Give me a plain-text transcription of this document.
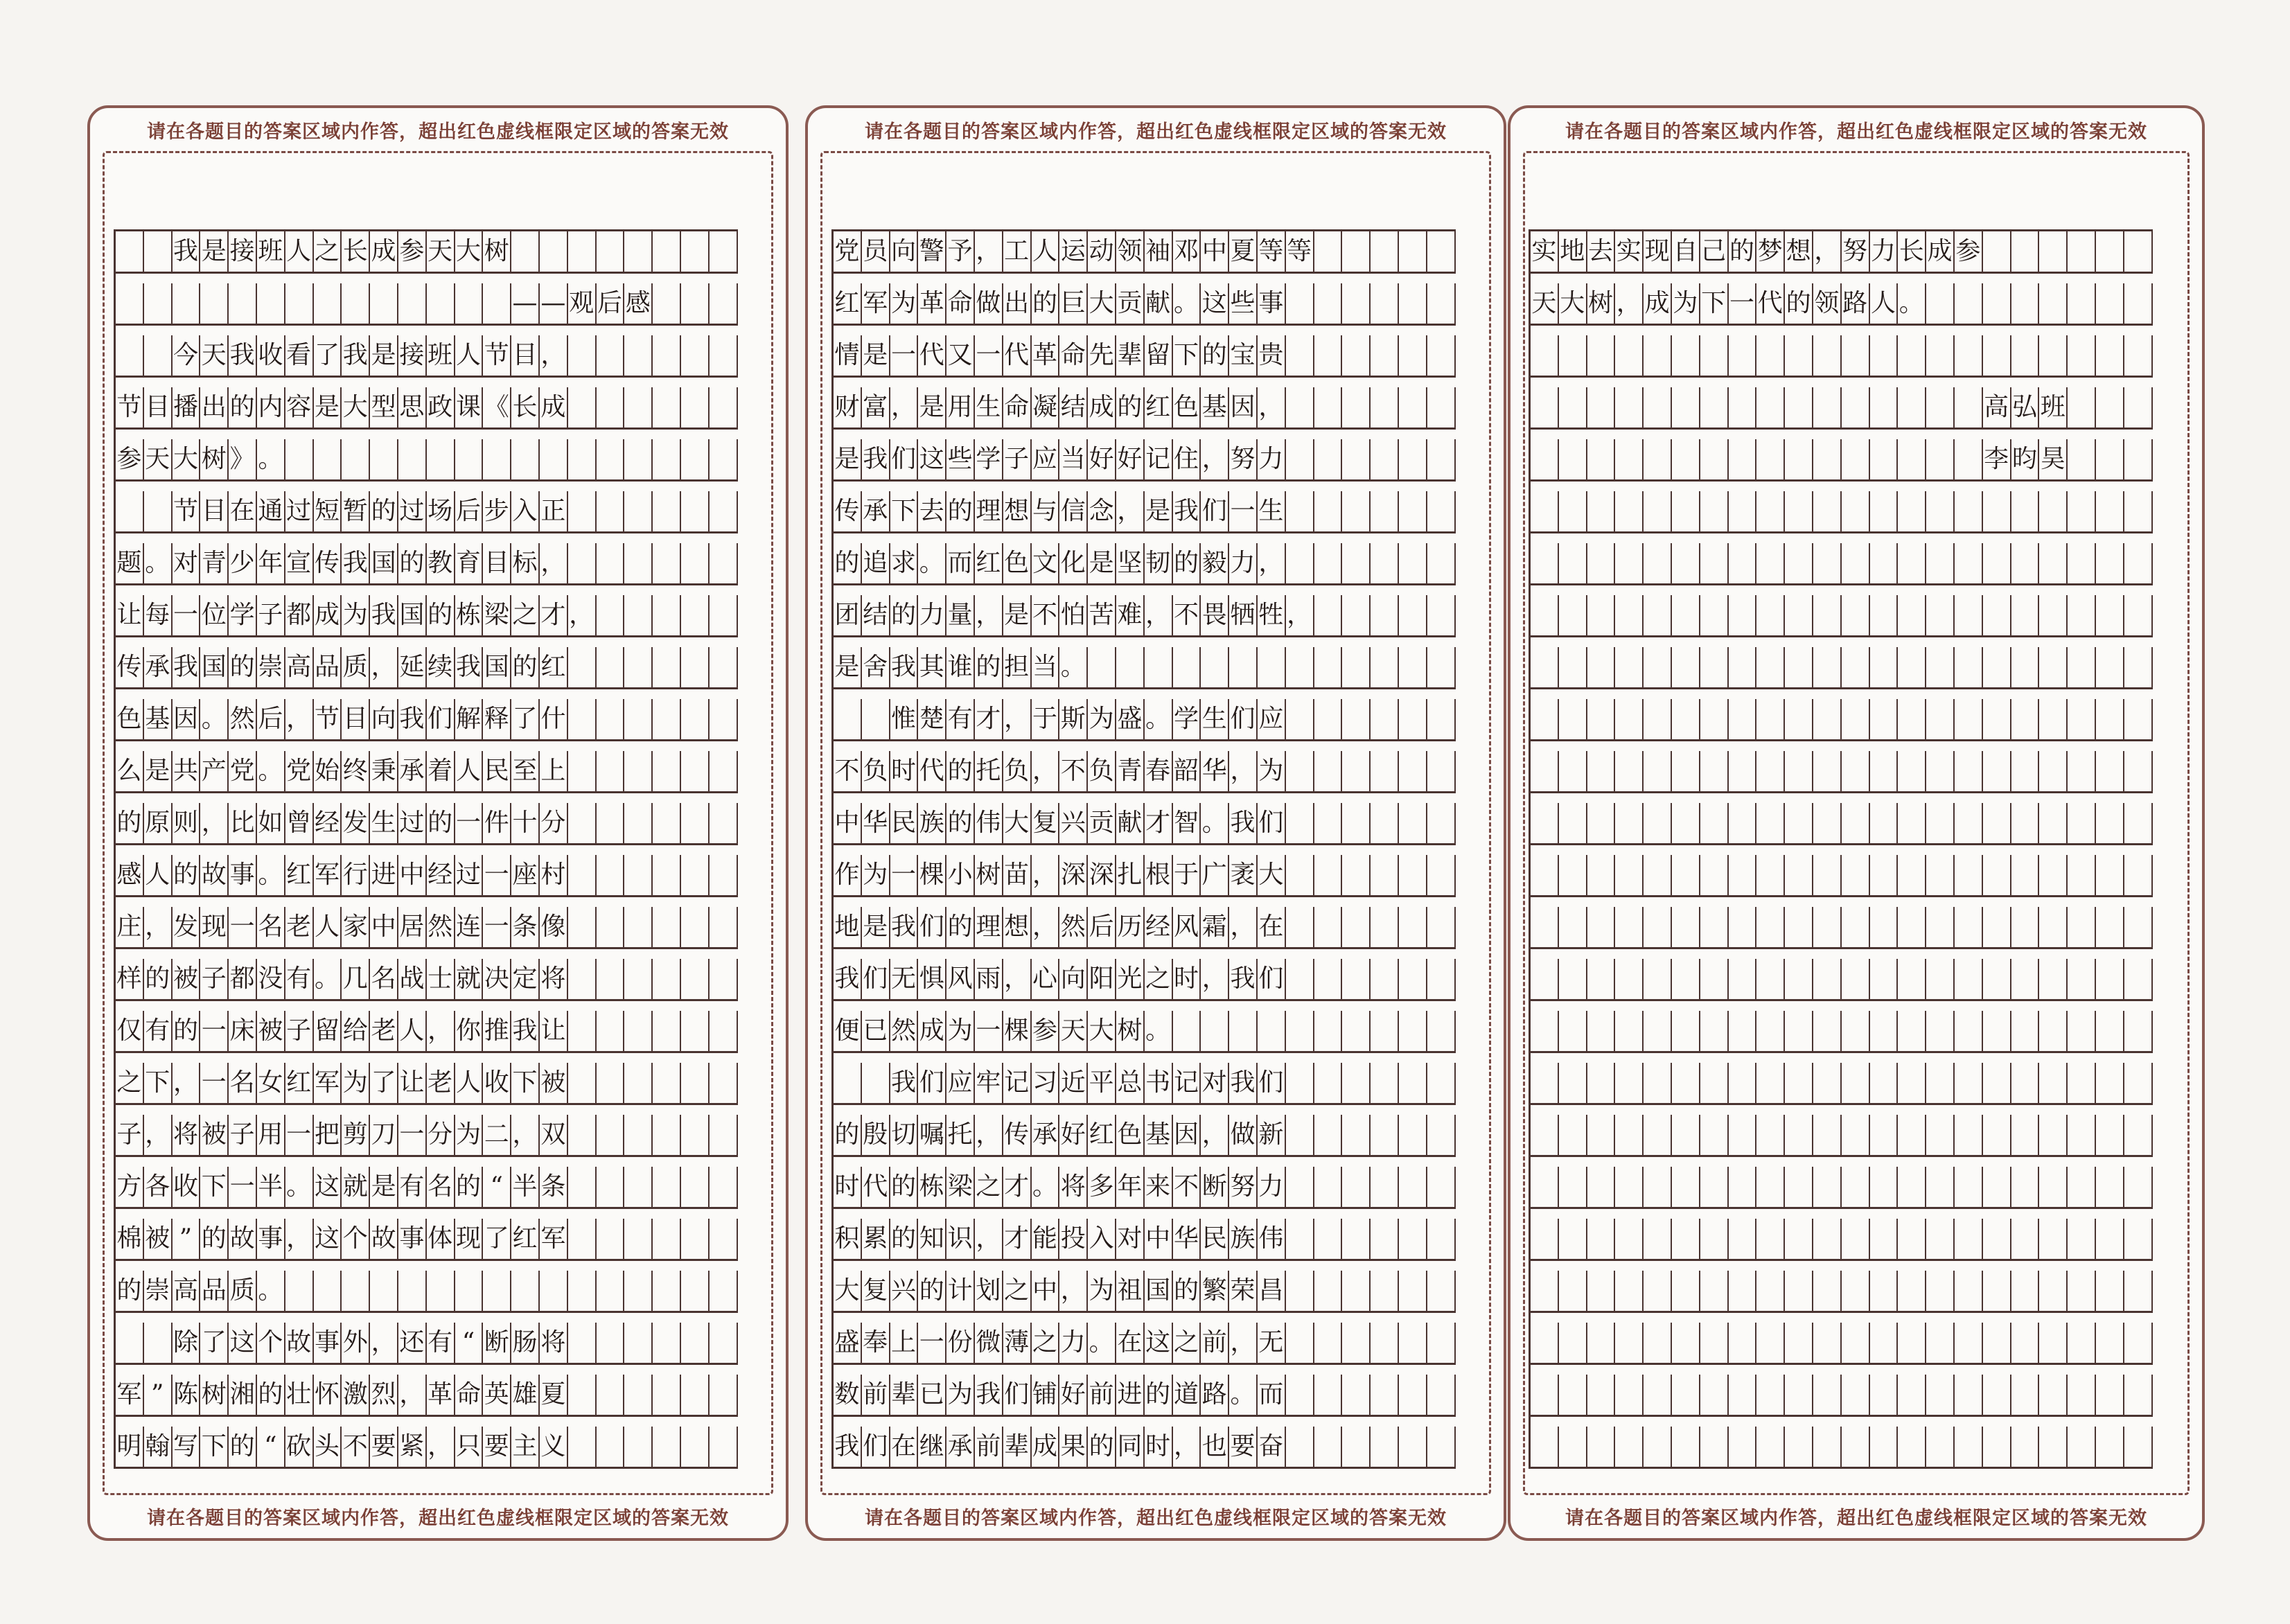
请在各题目的答案区域内作答，超出红色虚线框限定区域的答案无效
我 是 接 班 人 之 长 成 参 天 大 树
— — 观 后 感
今 天 我 收 看 了 我 是 接 班 人 节 目 ，
节 目 播 出 的 内 容 是 大 型 思 政 课 《 长 成
参 天 大 树 》 。
节 目 在 通 过 短 暂 的 过 场 后 步 入 正
题 。 对 青 少 年 宣 传 我 国 的 教 育 目 标 ，
让 每 一 位 学 子 都 成 为 我 国 的 栋 梁 之 才 ，
传 承 我 国 的 崇 高 品 质 ， 延 续 我 国 的 红
色 基 因 。 然 后 ， 节 目 向 我 们 解 释 了 什
么 是 共 产 党 。 党 始 终 秉 承 着 人 民 至 上
的 原 则 ， 比 如 曾 经 发 生 过 的 一 件 十 分
感 人 的 故 事 。 红 军 行 进 中 经 过 一 座 村
庄 ， 发 现 一 名 老 人 家 中 居 然 连 一 条 像
样 的 被 子 都 没 有 。 几 名 战 士 就 决 定 将
仅 有 的 一 床 被 子 留 给 老 人 ， 你 推 我 让
之 下 ， 一 名 女 红 军 为 了 让 老 人 收 下 被
子 ， 将 被 子 用 一 把 剪 刀 一 分 为 二 ， 双
方 各 收 下 一 半 。 这 就 是 有 名 的 “ 半 条
棉 被 ” 的 故 事 ， 这 个 故 事 体 现 了 红 军
的 崇 高 品 质 。
除 了 这 个 故 事 外 ， 还 有 “ 断 肠 将
军 ” 陈 树 湘 的 壮 怀 激 烈 ， 革 命 英 雄 夏
明 翰 写 下 的 “ 砍 头 不 要 紧 ， 只 要 主 义
请在各题目的答案区域内作答，超出红色虚线框限定区域的答案无效
请在各题目的答案区域内作答，超出红色虚线框限定区域的答案无效
党 员 向 警 予 ， 工 人 运 动 领 袖 邓 中 夏 等 等
红 军 为 革 命 做 出 的 巨 大 贡 献 。 这 些 事
情 是 一 代 又 一 代 革 命 先 辈 留 下 的 宝 贵
财 富 ， 是 用 生 命 凝 结 成 的 红 色 基 因 ，
是 我 们 这 些 学 子 应 当 好 好 记 住 ， 努 力
传 承 下 去 的 理 想 与 信 念 ， 是 我 们 一 生
的 追 求 。 而 红 色 文 化 是 坚 韧 的 毅 力 ，
团 结 的 力 量 ， 是 不 怕 苦 难 ， 不 畏 牺 牲 ，
是 舍 我 其 谁 的 担 当 。
惟 楚 有 才 ， 于 斯 为 盛 。 学 生 们 应
不 负 时 代 的 托 负 ， 不 负 青 春 韶 华 ， 为
中 华 民 族 的 伟 大 复 兴 贡 献 才 智 。 我 们
作 为 一 棵 小 树 苗 ， 深 深 扎 根 于 广 袤 大
地 是 我 们 的 理 想 ， 然 后 历 经 风 霜 ， 在
我 们 无 惧 风 雨 ， 心 向 阳 光 之 时 ， 我 们
便 已 然 成 为 一 棵 参 天 大 树 。
我 们 应 牢 记 习 近 平 总 书 记 对 我 们
的 殷 切 嘱 托 ， 传 承 好 红 色 基 因 ， 做 新
时 代 的 栋 梁 之 才 。 将 多 年 来 不 断 努 力
积 累 的 知 识 ， 才 能 投 入 对 中 华 民 族 伟
大 复 兴 的 计 划 之 中 ， 为 祖 国 的 繁 荣 昌
盛 奉 上 一 份 微 薄 之 力 。 在 这 之 前 ， 无
数 前 辈 已 为 我 们 铺 好 前 进 的 道 路 。 而
我 们 在 继 承 前 辈 成 果 的 同 时 ， 也 要 奋
请在各题目的答案区域内作答，超出红色虚线框限定区域的答案无效
请在各题目的答案区域内作答，超出红色虚线框限定区域的答案无效
实 地 去 实 现 自 己 的 梦 想 ， 努 力 长 成 参
天 大 树 ， 成 为 下 一 代 的 领 路 人 。
高 弘 班
李 昀 昊
请在各题目的答案区域内作答，超出红色虚线框限定区域的答案无效
